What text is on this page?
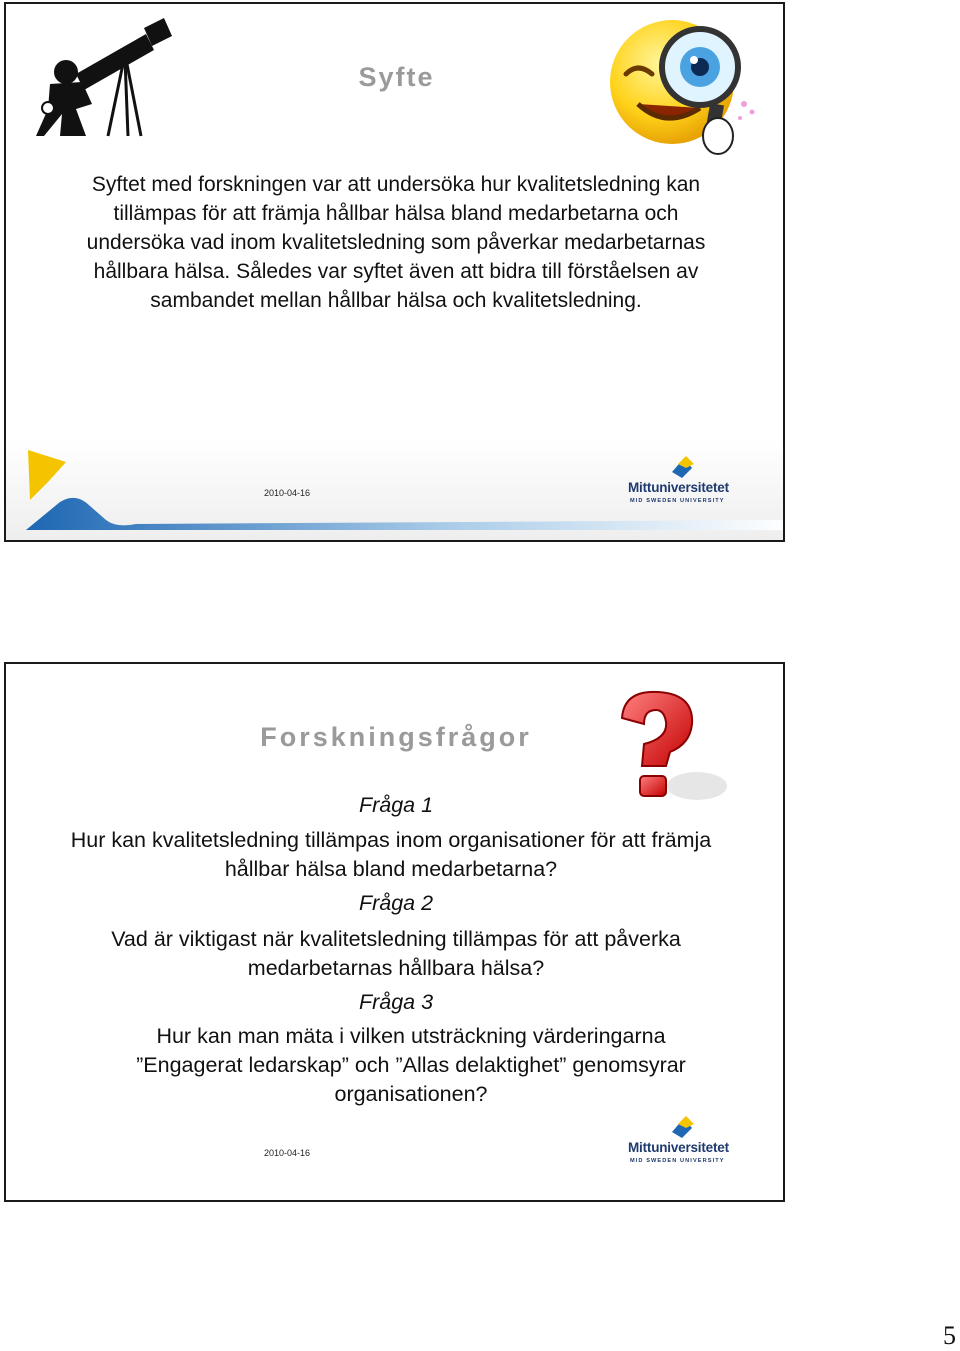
Syfte
Syftet med forskningen var att undersöka hur kvalitetsledning kan tillämpas för att främja hållbar hälsa bland medarbetarna och undersöka vad inom kvalitetsledning som påverkar medarbetarnas hållbara hälsa. Således var syftet även att bidra till förståelsen av sambandet mellan hållbar hälsa och kvalitetsledning.
2010-04-16	Mittuniversitetet
MID SWEDEN UNIVERSITY
Forskningsfrågor
Fråga 1
Hur kan kvalitetsledning tillämpas inom organisationer för att främja hållbar hälsa bland medarbetarna?
Fråga 2
Vad är viktigast när kvalitetsledning tillämpas för att påverka medarbetarnas hållbara hälsa?
Fråga 3
Hur kan man mäta i vilken utsträckning värderingarna ”Engagerat ledarskap” och ”Allas delaktighet” genomsyrar organisationen?
2010-04-16	Mittuniversitetet
MID SWEDEN UNIVERSITY
5
